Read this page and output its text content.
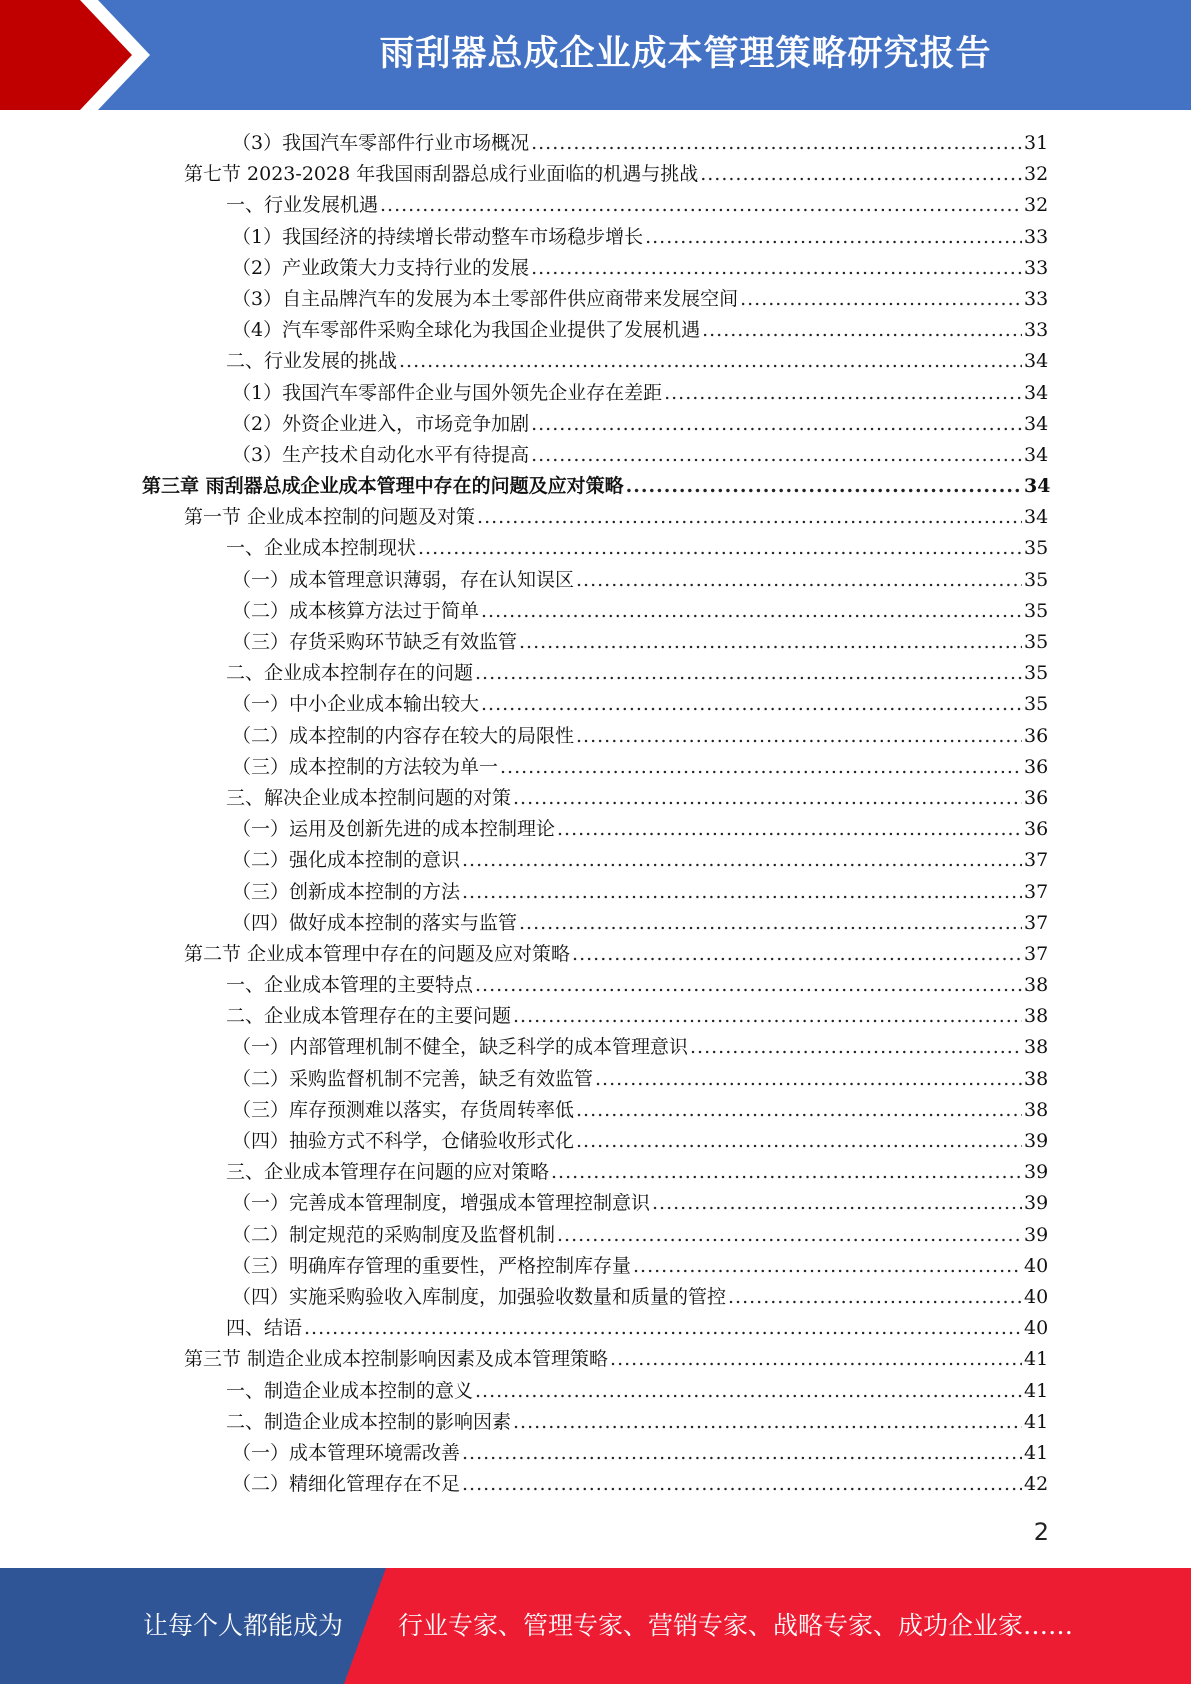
雨刮器总成企业成本管理策略研究报告
（3）我国汽车零部件行业市场概况 .....	31
第七节 2023-2028 年我国雨刮器总成行业面临的机遇与挑战 .....	32
一、行业发展机遇 .....	32
（1）我国经济的持续增长带动整车市场稳步增长 .....	33
（2）产业政策大力支持行业的发展 .....	33
（3）自主品牌汽车的发展为本土零部件供应商带来发展空间 .....	33
（4）汽车零部件采购全球化为我国企业提供了发展机遇 .....	33
二、行业发展的挑战 .....	34
（1）我国汽车零部件企业与国外领先企业存在差距 .....	34
（2）外资企业进入，市场竞争加剧 .....	34
（3）生产技术自动化水平有待提高 .....	34
第三章 雨刮器总成企业成本管理中存在的问题及应对策略 .....	34
第一节 企业成本控制的问题及对策 .....	34
一、企业成本控制现状 .....	35
（一）成本管理意识薄弱，存在认知误区 .....	35
（二）成本核算方法过于简单 .....	35
（三）存货采购环节缺乏有效监管 .....	35
二、企业成本控制存在的问题 .....	35
（一）中小企业成本输出较大 .....	35
（二）成本控制的内容存在较大的局限性 .....	36
（三）成本控制的方法较为单一 .....	36
三、解决企业成本控制问题的对策 .....	36
（一）运用及创新先进的成本控制理论 .....	36
（二）强化成本控制的意识 .....	37
（三）创新成本控制的方法 .....	37
（四）做好成本控制的落实与监管 .....	37
第二节 企业成本管理中存在的问题及应对策略 .....	37
一、企业成本管理的主要特点 .....	38
二、企业成本管理存在的主要问题 .....	38
（一）内部管理机制不健全，缺乏科学的成本管理意识 .....	38
（二）采购监督机制不完善，缺乏有效监管 .....	38
（三）库存预测难以落实，存货周转率低 .....	38
（四）抽验方式不科学，仓储验收形式化 .....	39
三、企业成本管理存在问题的应对策略 .....	39
（一）完善成本管理制度，增强成本管理控制意识 .....	39
（二）制定规范的采购制度及监督机制 .....	39
（三）明确库存管理的重要性，严格控制库存量 .....	40
（四）实施采购验收入库制度，加强验收数量和质量的管控 .....	40
四、结语 .....	40
第三节 制造企业成本控制影响因素及成本管理策略 .....	41
一、制造企业成本控制的意义 .....	41
二、制造企业成本控制的影响因素 .....	41
（一）成本管理环境需改善 .....	41
（二）精细化管理存在不足 .....	42
2
让每个人都能成为 行业专家、管理专家、营销专家、战略专家、成功企业家……
